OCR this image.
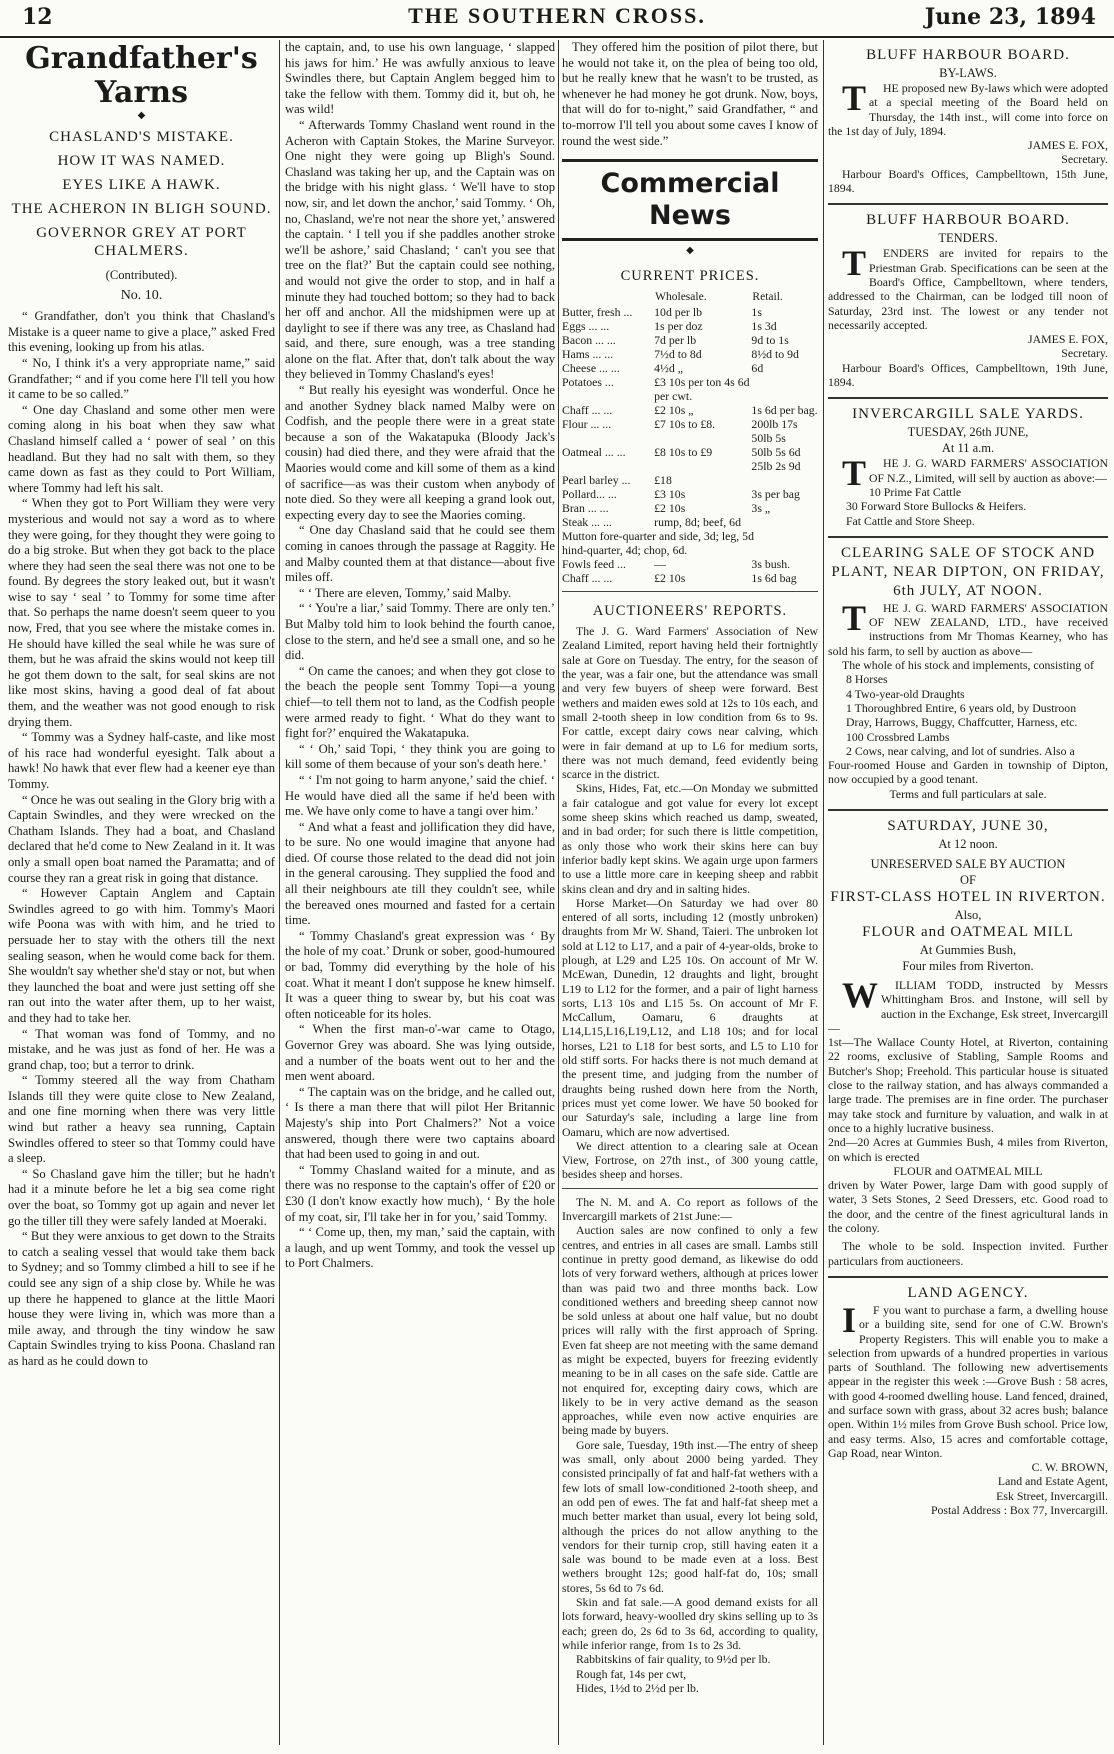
12	THE SOUTHERN CROSS.	June 23, 1894
Grandfather's
Yarns
◆

CHASLAND'S MISTAKE.

HOW IT WAS NAMED.

EYES LIKE A HAWK.

THE ACHERON IN BLIGH SOUND.

GOVERNOR GREY AT PORT CHALMERS.

(Contributed).

No. 10.

“ Grandfather, don't you think that Chasland's Mistake is a queer name to give a place,” asked Fred this evening, looking up from his atlas.

“ No, I think it's a very appropriate name,” said Grandfather; “ and if you come here I'll tell you how it came to be so called.”

“ One day Chasland and some other men were coming along in his boat when they saw what Chasland himself called a ‘ power of seal ’ on this headland. But they had no salt with them, so they came down as fast as they could to Port William, where Tommy had left his salt.

“ When they got to Port William they were very mysterious and would not say a word as to where they were going, for they thought they were going to do a big stroke. But when they got back to the place where they had seen the seal there was not one to be found. By degrees the story leaked out, but it wasn't wise to say ‘ seal ’ to Tommy for some time after that. So perhaps the name doesn't seem queer to you now, Fred, that you see where the mistake comes in. He should have killed the seal while he was sure of them, but he was afraid the skins would not keep till he got them down to the salt, for seal skins are not like most skins, having a good deal of fat about them, and the weather was not good enough to risk drying them.

“ Tommy was a Sydney half-caste, and like most of his race had wonderful eyesight. Talk about a hawk! No hawk that ever flew had a keener eye than Tommy.

“ Once he was out sealing in the Glory brig with a Captain Swindles, and they were wrecked on the Chatham Islands. They had a boat, and Chasland declared that he'd come to New Zealand in it. It was only a small open boat named the Paramatta; and of course they ran a great risk in going that distance.

“ However Captain Anglem and Captain Swindles agreed to go with him. Tommy's Maori wife Poona was with with him, and he tried to persuade her to stay with the others till the next sealing season, when he would come back for them. She wouldn't say whether she'd stay or not, but when they launched the boat and were just setting off she ran out into the water after them, up to her waist, and they had to take her.

“ That woman was fond of Tommy, and no mistake, and he was just as fond of her. He was a grand chap, too; but a terror to drink.

“ Tommy steered all the way from Chatham Islands till they were quite close to New Zealand, and one fine morning when there was very little wind but rather a heavy sea running, Captain Swindles offered to steer so that Tommy could have a sleep.

“ So Chasland gave him the tiller; but he hadn't had it a minute before he let a big sea come right over the boat, so Tommy got up again and never let go the tiller till they were safely landed at Moeraki.

“ But they were anxious to get down to the Straits to catch a sealing vessel that would take them back to Sydney; and so Tommy climbed a hill to see if he could see any sign of a ship close by. While he was up there he happened to glance at the little Maori house they were living in, which was more than a mile away, and through the tiny window he saw Captain Swindles trying to kiss Poona. Chasland ran as hard as he could down to

the captain, and, to use his own language, ‘ slapped his jaws for him.’ He was awfully anxious to leave Swindles there, but Captain Anglem begged him to take the fellow with them. Tommy did it, but oh, he was wild!

“ Afterwards Tommy Chasland went round in the Acheron with Captain Stokes, the Marine Surveyor. One night they were going up Bligh's Sound. Chasland was taking her up, and the Captain was on the bridge with his night glass. ‘ We'll have to stop now, sir, and let down the anchor,’ said Tommy. ‘ Oh, no, Chasland, we're not near the shore yet,’ answered the captain. ‘ I tell you if she paddles another stroke we'll be ashore,’ said Chasland; ‘ can't you see that tree on the flat?’ But the captain could see nothing, and would not give the order to stop, and in half a minute they had touched bottom; so they had to back her off and anchor. All the midshipmen were up at daylight to see if there was any tree, as Chasland had said, and there, sure enough, was a tree standing alone on the flat. After that, don't talk about the way they believed in Tommy Chasland's eyes!

“ But really his eyesight was wonderful. Once he and another Sydney black named Malby were on Codfish, and the people there were in a great state because a son of the Wakatapuka (Bloody Jack's cousin) had died there, and they were afraid that the Maories would come and kill some of them as a kind of sacrifice—as was their custom when anybody of note died. So they were all keeping a grand look out, expecting every day to see the Maories coming.

“ One day Chasland said that he could see them coming in canoes through the passage at Raggity. He and Malby counted them at that distance—about five miles off.

“ ‘ There are eleven, Tommy,’ said Malby.

“ ‘ You're a liar,’ said Tommy. There are only ten.’ But Malby told him to look behind the fourth canoe, close to the stern, and he'd see a small one, and so he did.

“ On came the canoes; and when they got close to the beach the people sent Tommy Topi—a young chief—to tell them not to land, as the Codfish people were armed ready to fight. ‘ What do they want to fight for?’ enquired the Wakatapuka.

“ ‘ Oh,’ said Topi, ‘ they think you are going to kill some of them because of your son's death here.’

“ ‘ I'm not going to harm anyone,’ said the chief. ‘ He would have died all the same if he'd been with me. We have only come to have a tangi over him.’

“ And what a feast and jollification they did have, to be sure. No one would imagine that anyone had died. Of course those related to the dead did not join in the general carousing. They supplied the food and all their neighbours ate till they couldn't see, while the bereaved ones mourned and fasted for a certain time.

“ Tommy Chasland's great expression was ‘ By the hole of my coat.’ Drunk or sober, good-humoured or bad, Tommy did everything by the hole of his coat. What it meant I don't suppose he knew himself. It was a queer thing to swear by, but his coat was often noticeable for its holes.

“ When the first man-o'-war came to Otago, Governor Grey was aboard. She was lying outside, and a number of the boats went out to her and the men went aboard.

“ The captain was on the bridge, and he called out, ‘ Is there a man there that will pilot Her Britannic Majesty's ship into Port Chalmers?’ Not a voice answered, though there were two captains aboard that had been used to going in and out.

“ Tommy Chasland waited for a minute, and as there was no response to the captain's offer of £20 or £30 (I don't know exactly how much), ‘ By the hole of my coat, sir, I'll take her in for you,’ said Tommy.

“ ‘ Come up, then, my man,’ said the captain, with a laugh, and up went Tommy, and took the vessel up to Port Chalmers.

They offered him the position of pilot there, but he would not take it, on the plea of being too old, but he really knew that he wasn't to be trusted, as whenever he had money he got drunk. Now, boys, that will do for to-night,” said Grandfather, “ and to-morrow I'll tell you about some caves I know of round the west side.”

Commercial News

◆

CURRENT PRICES.

	Wholesale.	Retail.	
Butter, fresh ...	10d per lb	1s	
Eggs ... ...	1s per doz	1s 3d	
Bacon ... ...	7d per lb	9d to 1s	
Hams ... ...	7½d to 8d	8½d to 9d	
Cheese ... ...	4½d „	6d	
Potatoes ...	£3 10s per ton 4s 6d per cwt.		
Chaff ... ...	£2 10s „	1s 6d per bag.	
Flour ... ...	£7 10s to £8.	200lb 17s	
		50lb 5s	
Oatmeal ... ...	£8 10s to £9	50lb 5s 6d	
		25lb 2s 9d	
Pearl barley ...	£18		
Pollard... ...	£3 10s	3s per bag	
Bran ... ...	£2 10s	3s „	
Steak ... ...	rump, 8d; beef, 6d		
Mutton fore-quarter and side, 3d; leg, 5d			
hind-quarter, 4d; chop, 6d.			
Fowls feed ...	—	3s bush.	
Chaff ... ...	£2 10s	1s 6d bag	

AUCTIONEERS' REPORTS.

The J. G. Ward Farmers' Association of New Zealand Limited, report having held their fortnightly sale at Gore on Tuesday. The entry, for the season of the year, was a fair one, but the attendance was small and very few buyers of sheep were forward. Best wethers and maiden ewes sold at 12s to 10s each, and small 2-tooth sheep in low condition from 6s to 9s. For cattle, except dairy cows near calving, which were in fair demand at up to L6 for medium sorts, there was not much demand, feed evidently being scarce in the district.

Skins, Hides, Fat, etc.—On Monday we submitted a fair catalogue and got value for every lot except some sheep skins which reached us damp, sweated, and in bad order; for such there is little competition, as only those who work their skins here can buy inferior badly kept skins. We again urge upon farmers to use a little more care in keeping sheep and rabbit skins clean and dry and in salting hides.

Horse Market—On Saturday we had over 80 entered of all sorts, including 12 (mostly unbroken) draughts from Mr W. Shand, Taieri. The unbroken lot sold at L12 to L17, and a pair of 4-year-olds, broke to plough, at L29 and L25 10s. On account of Mr W. McEwan, Dunedin, 12 draughts and light, brought L19 to L12 for the former, and a pair of light harness sorts, L13 10s and L15 5s. On account of Mr F. McCallum, Oamaru, 6 draughts at L14,L15,L16,L19,L12, and L18 10s; and for local horses, L21 to L18 for best sorts, and L5 to L10 for old stiff sorts. For hacks there is not much demand at the present time, and judging from the number of draughts being rushed down here from the North, prices must yet come lower. We have 50 booked for our Saturday's sale, including a large line from Oamaru, which are now advertised.

We direct attention to a clearing sale at Ocean View, Fortrose, on 27th inst., of 300 young cattle, besides sheep and horses.

The N. M. and A. Co report as follows of the Invercargill markets of 21st June:—

Auction sales are now confined to only a few centres, and entries in all cases are small. Lambs still continue in pretty good demand, as likewise do odd lots of very forward wethers, although at prices lower than was paid two and three months back. Low conditioned wethers and breeding sheep cannot now be sold unless at about one half value, but no doubt prices will rally with the first approach of Spring. Even fat sheep are not meeting with the same demand as might be expected, buyers for freezing evidently meaning to be in all cases on the safe side. Cattle are not enquired for, excepting dairy cows, which are likely to be in very active demand as the season approaches, while even now active enquiries are being made by buyers.

Gore sale, Tuesday, 19th inst.—The entry of sheep was small, only about 2000 being yarded. They consisted principally of fat and half-fat wethers with a few lots of small low-conditioned 2-tooth sheep, and an odd pen of ewes. The fat and half-fat sheep met a much better market than usual, every lot being sold, although the prices do not allow anything to the vendors for their turnip crop, still having eaten it a sale was bound to be made even at a loss. Best wethers brought 12s; good half-fat do, 10s; small stores, 5s 6d to 7s 6d.

Skin and fat sale.—A good demand exists for all lots forward, heavy-woolled dry skins selling up to 3s each; green do, 2s 6d to 3s 6d, according to quality, while inferior range, from 1s to 2s 3d.

Rabbitskins of fair quality, to 9½d per lb.

Rough fat, 14s per cwt,

Hides, 1½d to 2½d per lb.

BLUFF HARBOUR BOARD.

BY-LAWS.

THE proposed new By-laws which were adopted at a special meeting of the Board held on Thursday, the 14th inst., will come into force on the 1st day of July, 1894.

JAMES E. FOX,

Secretary.

Harbour Board's Offices, Campbelltown, 15th June, 1894.

BLUFF HARBOUR BOARD.

TENDERS.

TENDERS are invited for repairs to the Priestman Grab. Specifications can be seen at the Board's Office, Campbelltown, where tenders, addressed to the Chairman, can be lodged till noon of Saturday, 23rd inst. The lowest or any tender not necessarily accepted.

JAMES E. FOX,

Secretary.

Harbour Board's Offices, Campbelltown, 19th June, 1894.

INVERCARGILL SALE YARDS.

TUESDAY, 26th JUNE,

At 11 a.m.

THE J. G. WARD FARMERS' ASSOCIATION OF N.Z., Limited, will sell by auction as above:—

10 Prime Fat Cattle

30 Forward Store Bullocks & Heifers.

Fat Cattle and Store Sheep.

CLEARING SALE OF STOCK AND PLANT, NEAR DIPTON, ON FRIDAY, 6th JULY, AT NOON.

THE J. G. WARD FARMERS' ASSOCIATION OF NEW ZEALAND, LTD., have received instructions from Mr Thomas Kearney, who has sold his farm, to sell by auction as above—

The whole of his stock and implements, consisting of

8 Horses

4 Two-year-old Draughts

1 Thoroughbred Entire, 6 years old, by Dustroon

Dray, Harrows, Buggy, Chaffcutter, Harness, etc.

100 Crossbred Lambs

2 Cows, near calving, and lot of sundries. Also a

Four-roomed House and Garden in township of Dipton, now occupied by a good tenant.

Terms and full particulars at sale.

SATURDAY, JUNE 30,

At 12 noon.

UNRESERVED SALE BY AUCTION

OF

FIRST-CLASS HOTEL IN RIVERTON.

Also,

FLOUR and OATMEAL MILL

At Gummies Bush,

Four miles from Riverton.

WILLIAM TODD, instructed by Messrs Whittingham Bros. and Instone, will sell by auction in the Exchange, Esk street, Invercargill—

1st—The Wallace County Hotel, at Riverton, containing 22 rooms, exclusive of Stabling, Sample Rooms and Butcher's Shop; Freehold. This particular house is situated close to the railway station, and has always commanded a large trade. The premises are in fine order. The purchaser may take stock and furniture by valuation, and walk in at once to a highly lucrative business.

2nd—20 Acres at Gummies Bush, 4 miles from Riverton, on which is erected

FLOUR and OATMEAL MILL

driven by Water Power, large Dam with good supply of water, 3 Sets Stones, 2 Seed Dressers, etc. Good road to the door, and the centre of the finest agricultural lands in the colony.

The whole to be sold. Inspection invited. Further particulars from auctioneers.

LAND AGENCY.

IF you want to purchase a farm, a dwelling house or a building site, send for one of C.W. Brown's Property Registers. This will enable you to make a selection from upwards of a hundred properties in various parts of Southland. The following new advertisements appear in the register this week :—Grove Bush : 58 acres, with good 4-roomed dwelling house. Land fenced, drained, and surface sown with grass, about 32 acres bush; balance open. Within 1½ miles from Grove Bush school. Price low, and easy terms. Also, 15 acres and comfortable cottage, Gap Road, near Winton.

C. W. BROWN,

Land and Estate Agent,

Esk Street, Invercargill.

Postal Address : Box 77, Invercargill.
